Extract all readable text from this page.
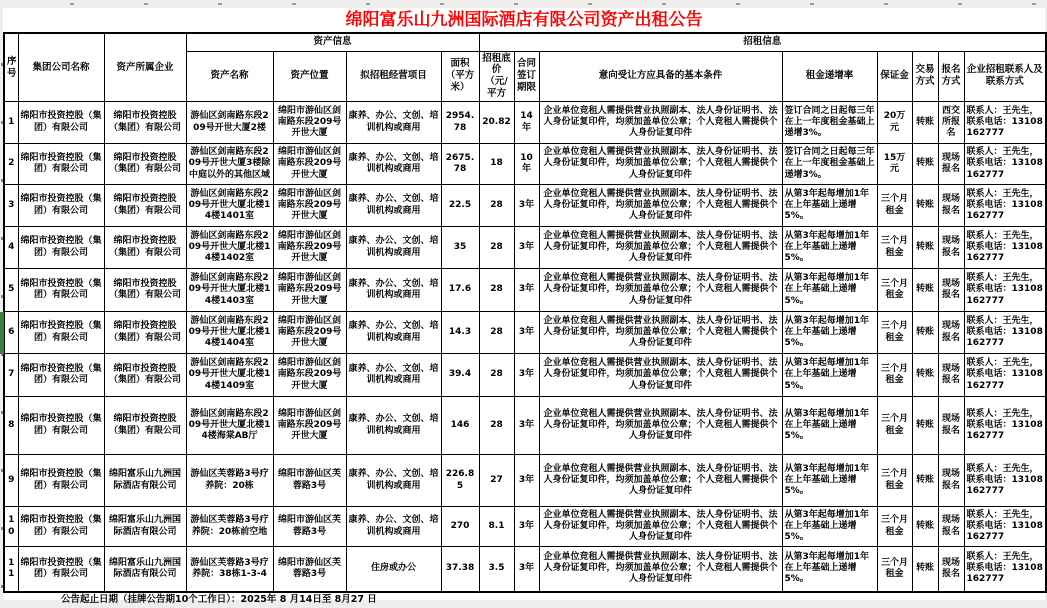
绵阳富乐山九洲国际酒店有限公司资产出租公告
序号	集团公司名称	资产所属企业	资产信息				招租信息							
			资产名称	资产位置	拟招租经营项目	面积（平方米）	招租底价（元/平方	合同签订期限	意向受让方应具备的基本条件	租金递增率	保证金	交易方式	报名方式	企业招租联系人及联系方式
1	绵阳市投资控股（集团）有限公司	绵阳市投资控股（集团）有限公司	游仙区剑南路东段209号开世大厦2楼	绵阳市游仙区剑南路东段209号开世大厦	康养、办公、文创、培训机构或商用	2954.78	20.82	14年	企业单位竞租人需提供营业执照副本、法人身份证明书、法人身份证复印件，均须加盖单位公章；个人竞租人需提供个人身份证复印件	签订合同之日起每三年在上一年度租金基础上递增3%。	20万元	转账	西交所报名	联系人：王先生，联系电话：13108162777
2	绵阳市投资控股（集团）有限公司	绵阳市投资控股（集团）有限公司	游仙区剑南路东段209号开世大厦3楼除中庭以外的其他区域	绵阳市游仙区剑南路东段209号开世大厦	康养、办公、文创、培训机构或商用	2675.78	18	10年	企业单位竞租人需提供营业执照副本、法人身份证明书、法人身份证复印件，均须加盖单位公章；个人竞租人需提供个人身份证复印件	签订合同之日起每三年在上一年度租金基础上递增3%。	15万元	转账	现场报名	联系人：王先生，联系电话：13108162777
3	绵阳市投资控股（集团）有限公司	绵阳市投资控股（集团）有限公司	游仙区剑南路东段209号开世大厦北楼14楼1401室	绵阳市游仙区剑南路东段209号开世大厦	康养、办公、文创、培训机构或商用	22.5	28	3年	企业单位竞租人需提供营业执照副本、法人身份证明书、法人身份证复印件，均须加盖单位公章；个人竞租人需提供个人身份证复印件	从第3年起每增加1年在上年基础上递增5%。	三个月租金	转账	现场报名	联系人：王先生，联系电话：13108162777
4	绵阳市投资控股（集团）有限公司	绵阳市投资控股（集团）有限公司	游仙区剑南路东段209号开世大厦北楼14楼1402室	绵阳市游仙区剑南路东段209号开世大厦	康养、办公、文创、培训机构或商用	35	28	3年	企业单位竞租人需提供营业执照副本、法人身份证明书、法人身份证复印件，均须加盖单位公章；个人竞租人需提供个人身份证复印件	从第3年起每增加1年在上年基础上递增5%。	三个月租金	转账	现场报名	联系人：王先生，联系电话：13108162777
5	绵阳市投资控股（集团）有限公司	绵阳市投资控股（集团）有限公司	游仙区剑南路东段209号开世大厦北楼14楼1403室	绵阳市游仙区剑南路东段209号开世大厦	康养、办公、文创、培训机构或商用	17.6	28	3年	企业单位竞租人需提供营业执照副本、法人身份证明书、法人身份证复印件，均须加盖单位公章；个人竞租人需提供个人身份证复印件	从第3年起每增加1年在上年基础上递增5%。	三个月租金	转账	现场报名	联系人：王先生，联系电话：13108162777
6	绵阳市投资控股（集团）有限公司	绵阳市投资控股（集团）有限公司	游仙区剑南路东段209号开世大厦北楼14楼1404室	绵阳市游仙区剑南路东段209号开世大厦	康养、办公、文创、培训机构或商用	14.3	28	3年	企业单位竞租人需提供营业执照副本、法人身份证明书、法人身份证复印件，均须加盖单位公章；个人竞租人需提供个人身份证复印件	从第3年起每增加1年在上年基础上递增5%。	三个月租金	转账	现场报名	联系人：王先生，联系电话：13108162777
7	绵阳市投资控股（集团）有限公司	绵阳市投资控股（集团）有限公司	游仙区剑南路东段209号开世大厦北楼14楼1409室	绵阳市游仙区剑南路东段209号开世大厦	康养、办公、文创、培训机构或商用	39.4	28	3年	企业单位竞租人需提供营业执照副本、法人身份证明书、法人身份证复印件，均须加盖单位公章；个人竞租人需提供个人身份证复印件	从第3年起每增加1年在上年基础上递增5%。	三个月租金	转账	现场报名	联系人：王先生，联系电话：13108162777
8	绵阳市投资控股（集团）有限公司	绵阳市投资控股（集团）有限公司	游仙区剑南路东段209号开世大厦北楼14楼海棠AB厅	绵阳市游仙区剑南路东段209号开世大厦	康养、办公、文创、培训机构或商用	146	28	3年	企业单位竞租人需提供营业执照副本、法人身份证明书、法人身份证复印件，均须加盖单位公章；个人竞租人需提供个人身份证复印件	从第3年起每增加1年在上年基础上递增5%。	三个月租金	转账	现场报名	联系人：王先生，联系电话：13108162777
9	绵阳市投资控股（集团）有限公司	绵阳富乐山九洲国际酒店有限公司	游仙区芙蓉路3号疗养院：20栋	绵阳市游仙区芙蓉路3号	康养、办公、文创、培训机构或商用	226.85	27	3年	企业单位竞租人需提供营业执照副本、法人身份证明书、法人身份证复印件，均须加盖单位公章；个人竞租人需提供个人身份证复印件	从第3年起每增加1年在上年基础上递增5%。	三个月租金	转账	现场报名	联系人：王先生，联系电话：13108162777
10	绵阳市投资控股（集团）有限公司	绵阳富乐山九洲国际酒店有限公司	游仙区芙蓉路3号疗养院：20栋前空地	绵阳市游仙区芙蓉路3号	康养、办公、文创、培训机构或商用	270	8.1	3年	企业单位竞租人需提供营业执照副本、法人身份证明书、法人身份证复印件，均须加盖单位公章；个人竞租人需提供个人身份证复印件	从第3年起每增加1年在上年基础上递增5%。	三个月租金	转账	现场报名	联系人：王先生，联系电话：13108162777
11	绵阳市投资控股（集团）有限公司	绵阳富乐山九洲国际酒店有限公司	游仙区芙蓉路3号疗养院：38栋1-3-4	绵阳市游仙区芙蓉路3号	住房或办公	37.38	3.5	3年	企业单位竞租人需提供营业执照副本、法人身份证明书、法人身份证复印件，均须加盖单位公章；个人竞租人需提供个人身份证复印件	从第3年起每增加1年在上年基础上递增5%。	三个月租金	转账	现场报名	联系人：王先生，联系电话：13108162777
公告起止日期（挂牌公告期10个工作日）：2025年 8 月14日至 8月27 日
